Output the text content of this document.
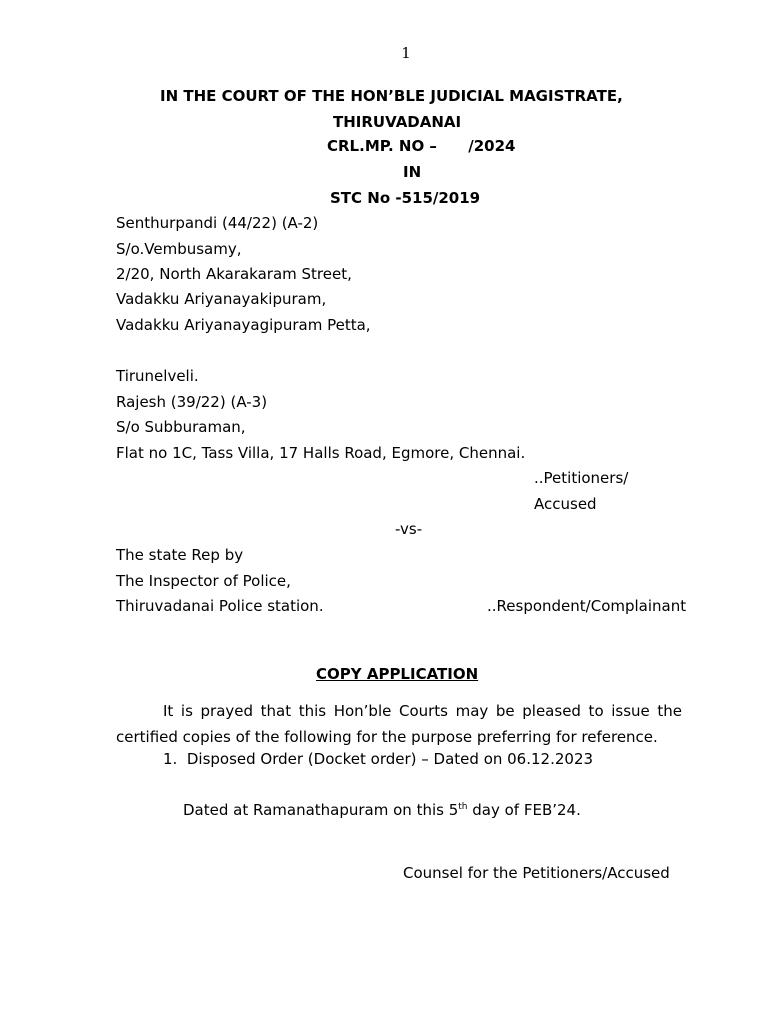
1
IN THE COURT OF THE HON’BLE JUDICIAL MAGISTRATE,
THIRUVADANAI
CRL.MP. NO –      /2024
IN
STC No -515/2019
Senthurpandi (44/22) (A-2)
S/o.Vembusamy,
2/20, North Akarakaram Street,
Vadakku Ariyanayakipuram,
Vadakku Ariyanayagipuram Petta,
Tirunelveli.
Rajesh (39/22) (A-3)
S/o Subburaman,
Flat no 1C, Tass Villa, 17 Halls Road, Egmore, Chennai.
..Petitioners/
Accused
-vs-
The state Rep by
The Inspector of Police,
Thiruvadanai Police station.	..Respondent/Complainant
COPY APPLICATION
It is prayed that this Hon’ble Courts may be pleased to issue the certified copies of the following for the purpose preferring for reference.
1.  Disposed Order (Docket order) – Dated on 06.12.2023
Dated at Ramanathapuram on this 5th day of FEB’24.
Counsel for the Petitioners/Accused
